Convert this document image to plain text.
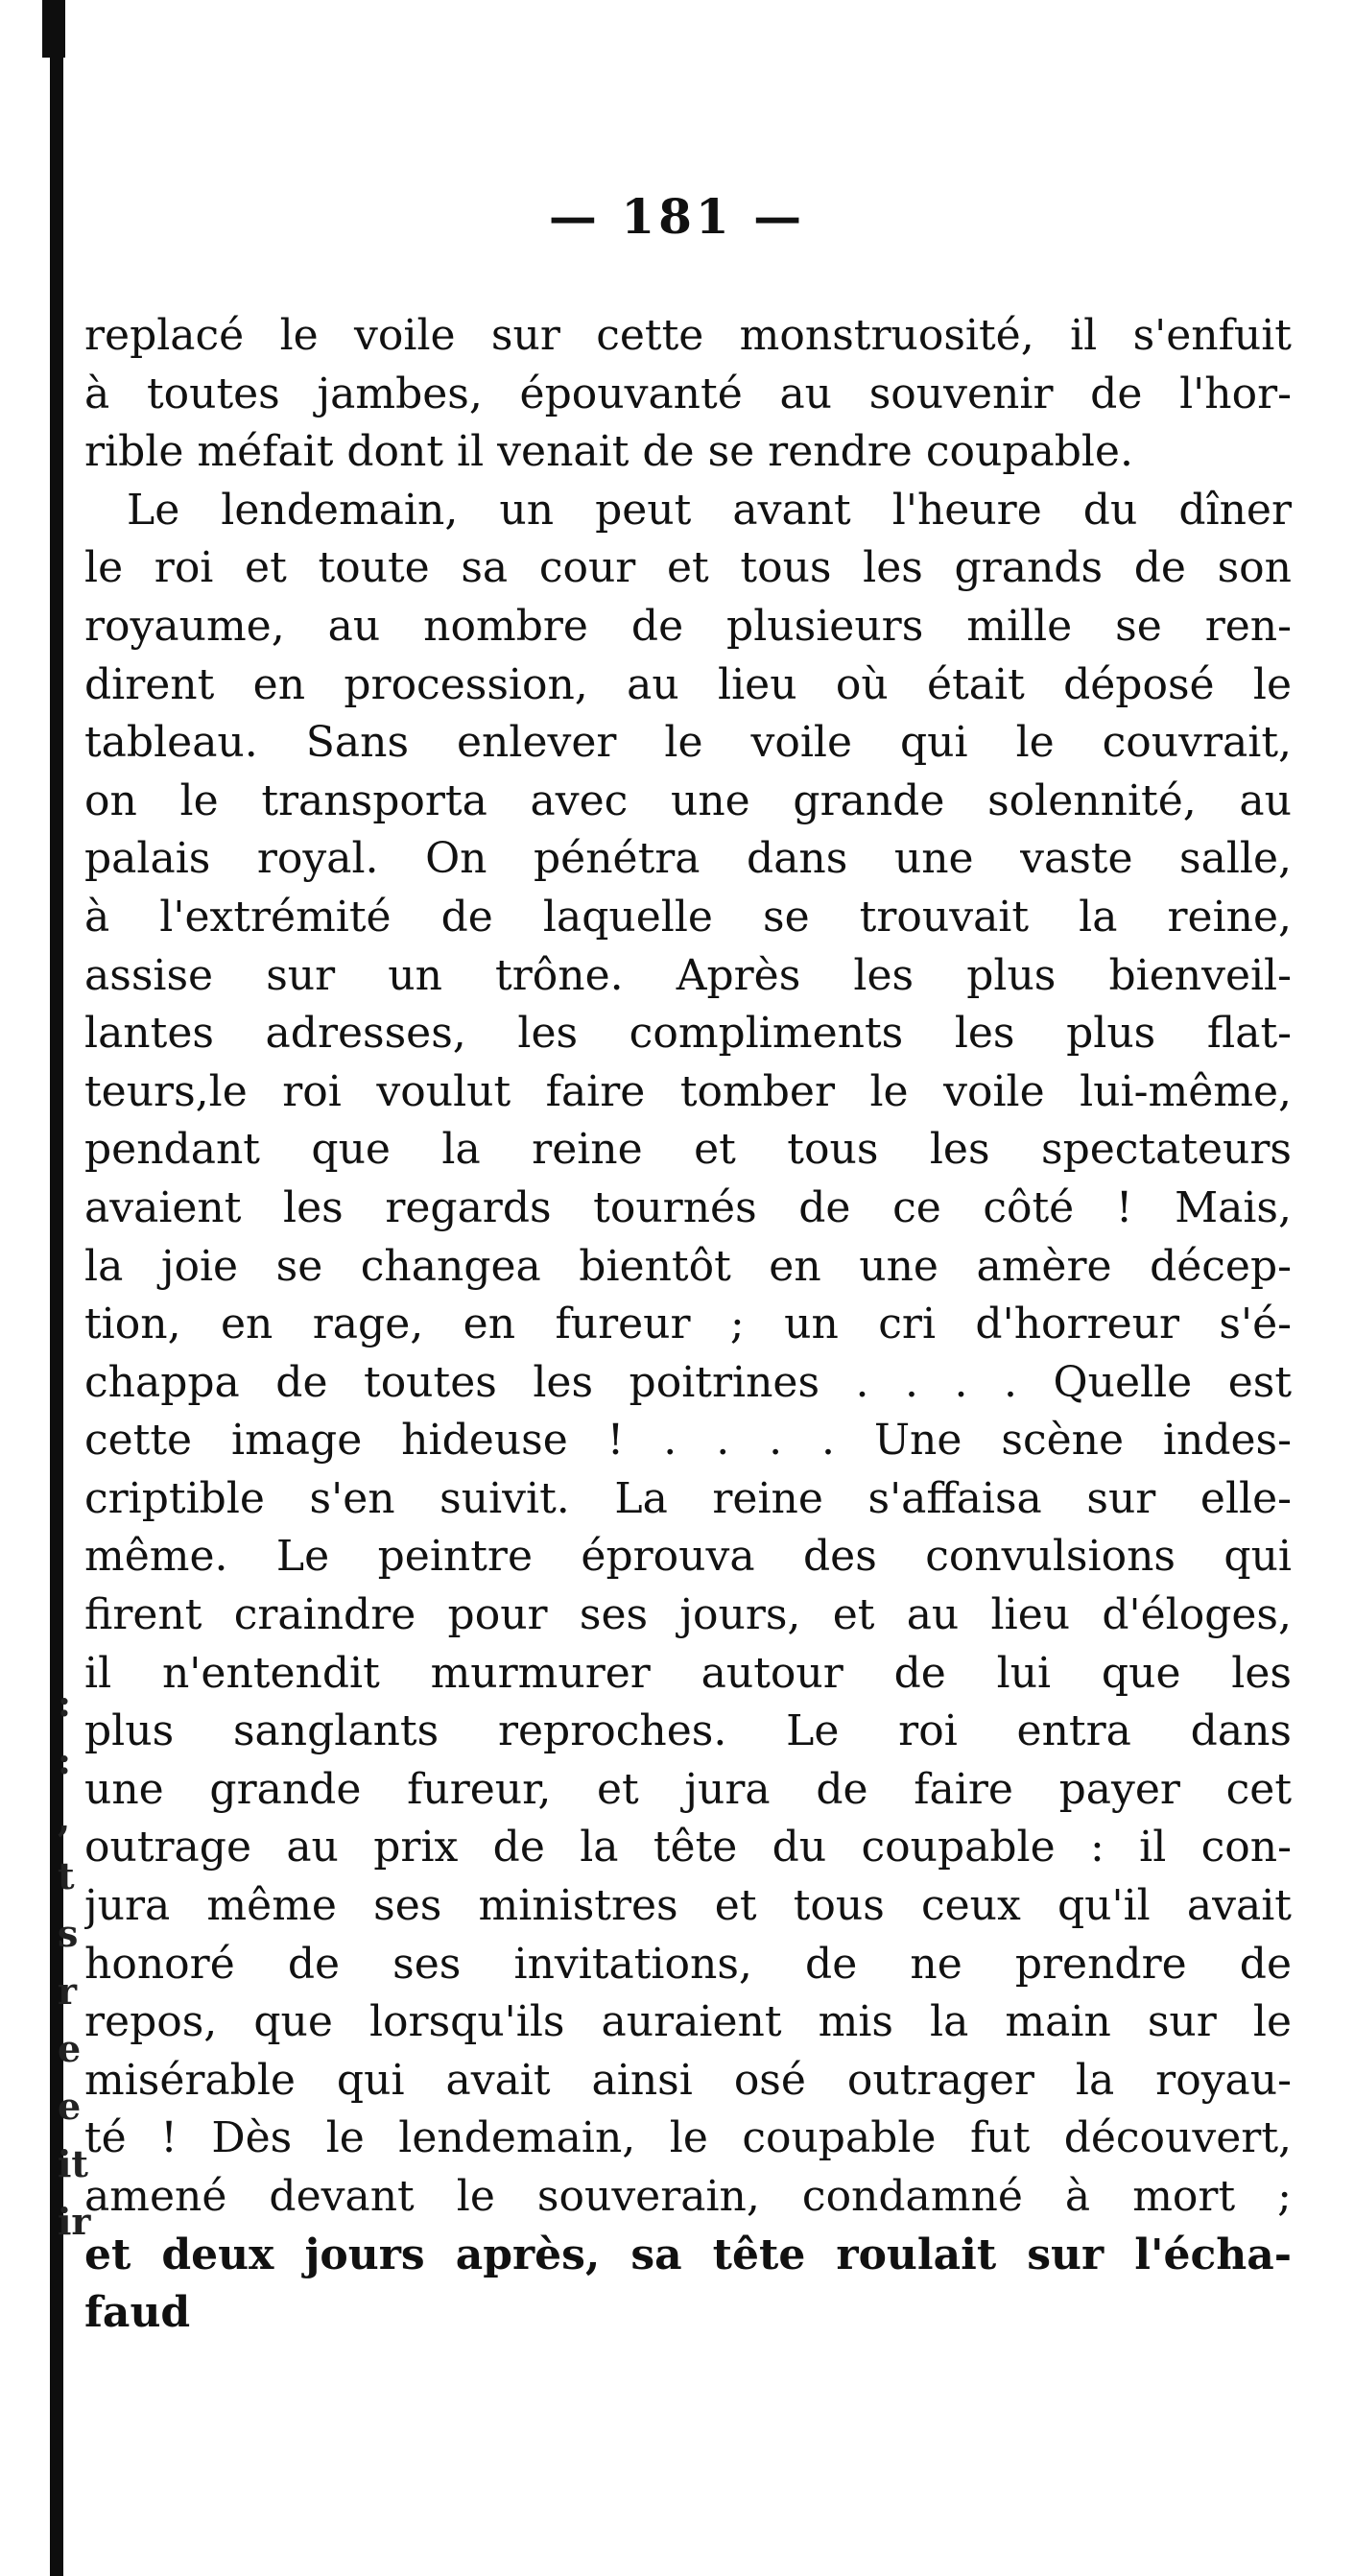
:
:
,
t
s
r
e
e
it
ir
— 181 —
replacé le voile sur cette monstruosité, il s'enfuit
à toutes jambes, épouvanté au souvenir de l'hor-
rible méfait dont il venait de se rendre coupable.
Le lendemain, un peut avant l'heure du dîner
le roi et toute sa cour et tous les grands de son
royaume, au nombre de plusieurs mille se ren-
dirent en procession, au lieu où était déposé le
tableau. Sans enlever le voile qui le couvrait,
on le transporta avec une grande solennité, au
palais royal. On pénétra dans une vaste salle,
à l'extrémité de laquelle se trouvait la reine,
assise sur un trône. Après les plus bienveil-
lantes adresses, les compliments les plus flat-
teurs,le roi voulut faire tomber le voile lui-même,
pendant que la reine et tous les spectateurs
avaient les regards tournés de ce côté ! Mais,
la joie se changea bientôt en une amère décep-
tion, en rage, en fureur ; un cri d'horreur s'é-
chappa de toutes les poitrines . . . . Quelle est
cette image hideuse ! . . . . Une scène indes-
criptible s'en suivit. La reine s'affaisa sur elle-
même. Le peintre éprouva des convulsions qui
firent craindre pour ses jours, et au lieu d'éloges,
il n'entendit murmurer autour de lui que les
plus sanglants reproches. Le roi entra dans
une grande fureur, et jura de faire payer cet
outrage au prix de la tête du coupable : il con-
jura même ses ministres et tous ceux qu'il avait
honoré de ses invitations, de ne prendre de
repos, que lorsqu'ils auraient mis la main sur le
misérable qui avait ainsi osé outrager la royau-
té ! Dès le lendemain, le coupable fut découvert,
amené devant le souverain, condamné à mort ;
et deux jours après, sa tête roulait sur l'écha-
faud
